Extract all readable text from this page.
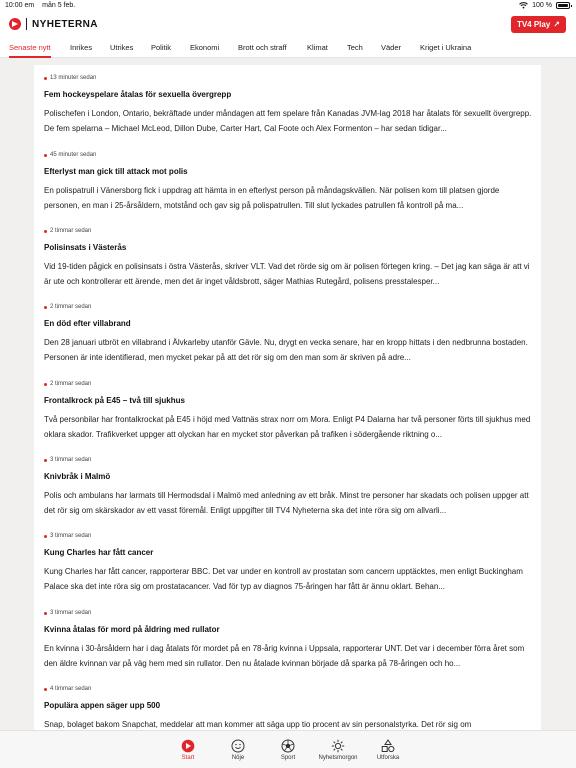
10:00 em mån 5 feb.	100 %
NYHETERNA	TV4 Play ↗
Senaste nytt	Inrikes Utrikes Politik	Ekonomi	Brott och straff	Klimat	Tech Väder	Kriget i Ukraina
13 minuter sedan
Fem hockeyspelare åtalas för sexuella övergrepp
Polischefen i London, Ontario, bekräftade under måndagen att fem spelare från Kanadas JVM-lag 2018 har åtalats för sexuellt övergrepp. De fem spelarna – Michael McLeod, Dillon Dube, Carter Hart, Cal Foote och Alex Formenton – har sedan tidigar...
45 minuter sedan
Efterlyst man gick till attack mot polis
En polispatrull i Vänersborg fick i uppdrag att hämta in en efterlyst person på måndagskvällen. När polisen kom till platsen gjorde personen, en man i 25-årsåldern, motstånd och gav sig på polispatrullen. Till slut lyckades patrullen få kontroll på ma...
2 timmar sedan
Polisinsats i Västerås
Vid 19-tiden pågick en polisinsats i östra Västerås, skriver VLT. Vad det rörde sig om är polisen förtegen kring. – Det jag kan säga är att vi är ute och kontrollerar ett ärende, men det är inget våldsbrott, säger Mathias Rutegård, polisens presstalesper...
2 timmar sedan
En död efter villabrand
Den 28 januari utbröt en villabrand i Älvkarleby utanför Gävle. Nu, drygt en vecka senare, har en kropp hittats i den nedbrunna bostaden. Personen är inte identifierad, men mycket pekar på att det rör sig om den man som är skriven på adre...
2 timmar sedan
Frontalkrock på E45 – två till sjukhus
Två personbilar har frontalkrockat på E45 i höjd med Vattnäs strax norr om Mora. Enligt P4 Dalarna har två personer förts till sjukhus med oklara skador. Trafikverket uppger att olyckan har en mycket stor påverkan på trafiken i södergående riktning o...
3 timmar sedan
Knivbråk i Malmö
Polis och ambulans har larmats till Hermodsdal i Malmö med anledning av ett bråk. Minst tre personer har skadats och polisen uppger att det rör sig om skärskador av ett vasst föremål. Enligt uppgifter till TV4 Nyheterna ska det inte röra sig om allvarli...
3 timmar sedan
Kung Charles har fått cancer
Kung Charles har fått cancer, rapporterar BBC. Det var under en kontroll av prostatan som cancern upptäcktes, men enligt Buckingham Palace ska det inte röra sig om prostatacancer. Vad för typ av diagnos 75-åringen har fått är ännu oklart. Behan...
3 timmar sedan
Kvinna åtalas för mord på åldring med rullator
En kvinna i 30-årsåldern har i dag åtalats för mordet på en 78-årig kvinna i Uppsala, rapporterar UNT. Det var i december förra året som den äldre kvinnan var på väg hem med sin rullator. Den nu åtalade kvinnan började då sparka på 78-åringen och ho...
4 timmar sedan
Populära appen säger upp 500
Snap, bolaget bakom Snapchat, meddelar att man kommer att säga upp tio procent av sin personalstyrka. Det rör sig om
Start	Nöje	Sport	Nyhetsmorgon	Utforska
